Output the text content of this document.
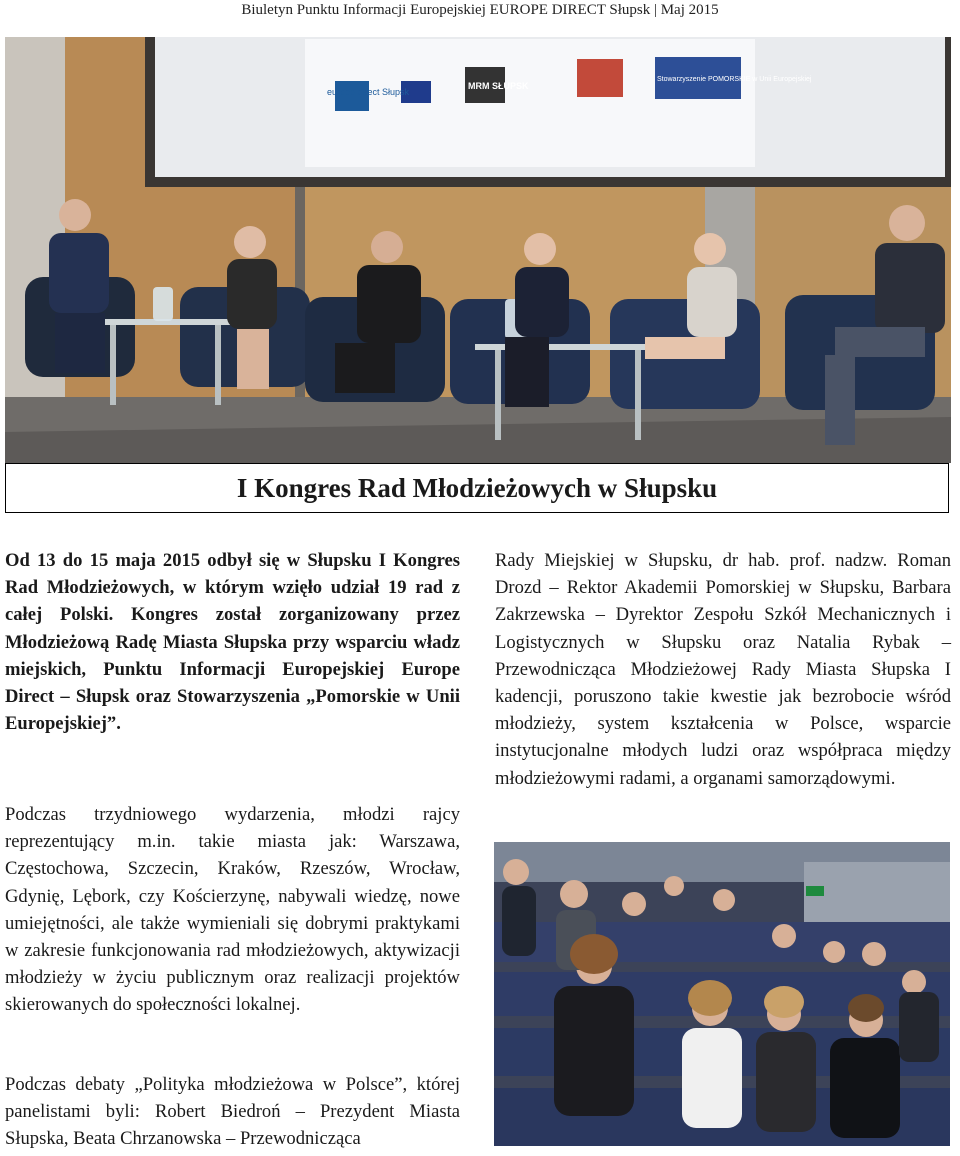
Biuletyn Punktu Informacji Europejskiej EUROPE DIRECT Słupsk | Maj 2015
europe direct Słupsk
MRM SŁUPSK
Stowarzyszenie POMORSKIE w Unii Europejskiej
I Kongres Rad Młodzieżowych w Słupsku

Od 13 do 15 maja 2015 odbył się w Słupsku I Kongres Rad Młodzieżowych, w którym wzięło udział 19 rad z całej Polski. Kongres został zorganizowany przez Młodzieżową Radę Miasta Słupska przy wsparciu władz miejskich, Punktu Informacji Europejskiej Europe Direct – Słupsk oraz Stowarzyszenia „Pomorskie w Unii Europejskiej”.

Podczas trzydniowego wydarzenia, młodzi rajcy reprezentujący m.in. takie miasta jak: Warszawa, Częstochowa, Szczecin, Kraków, Rzeszów, Wrocław, Gdynię, Lębork, czy Kościerzynę, nabywali wiedzę, nowe umiejętności, ale także wymieniali się dobrymi praktykami w zakresie funkcjonowania rad młodzieżowych, aktywizacji młodzieży w życiu publicznym oraz realizacji projektów skierowanych do społeczności lokalnej.

Podczas debaty „Polityka młodzieżowa w Polsce”, której panelistami byli: Robert Biedroń – Prezydent Miasta Słupska, Beata Chrzanowska – Przewodnicząca

Rady Miejskiej w Słupsku, dr hab. prof. nadzw. Roman Drozd – Rektor Akademii Pomorskiej w Słupsku, Barbara Zakrzewska – Dyrektor Zespołu Szkół Mechanicznych i Logistycznych w Słupsku oraz Natalia Rybak – Przewodnicząca Młodzieżowej Rady Miasta Słupska I kadencji, poruszono takie kwestie jak bezrobocie wśród młodzieży, system kształcenia w Polsce, wsparcie instytucjonalne młodych ludzi oraz współpraca między młodzieżowymi radami, a organami samorządowymi.
